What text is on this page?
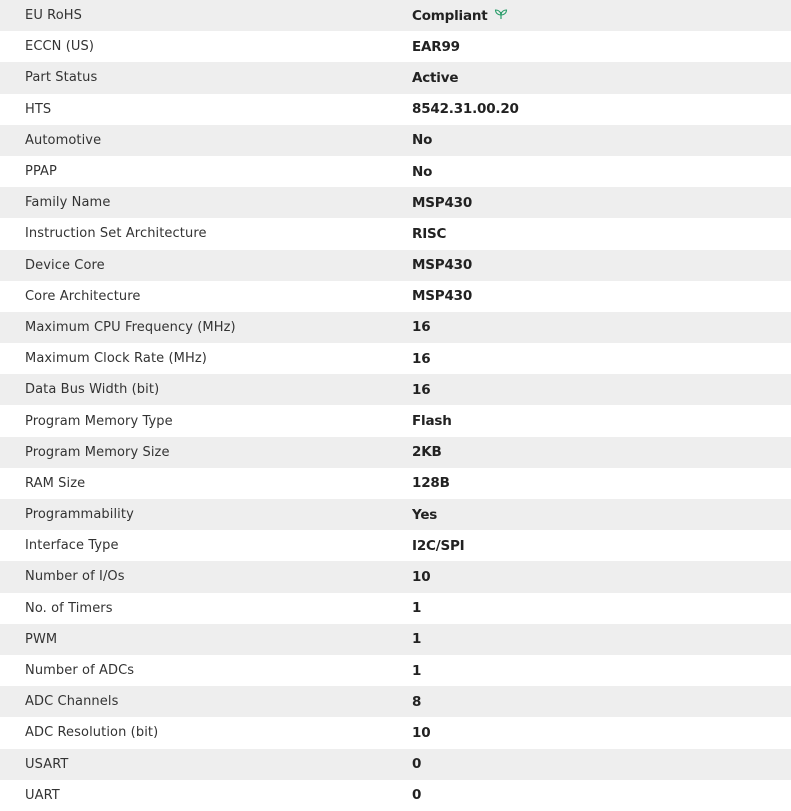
EU RoHS	Compliant
ECCN (US)	EAR99
Part Status	Active
HTS	8542.31.00.20
Automotive	No
PPAP	No
Family Name	MSP430
Instruction Set Architecture	RISC
Device Core	MSP430
Core Architecture	MSP430
Maximum CPU Frequency (MHz)	16
Maximum Clock Rate (MHz)	16
Data Bus Width (bit)	16
Program Memory Type	Flash
Program Memory Size	2KB
RAM Size	128B
Programmability	Yes
Interface Type	I2C/SPI
Number of I/Os	10
No. of Timers	1
PWM	1
Number of ADCs	1
ADC Channels	8
ADC Resolution (bit)	10
USART	0
UART	0
